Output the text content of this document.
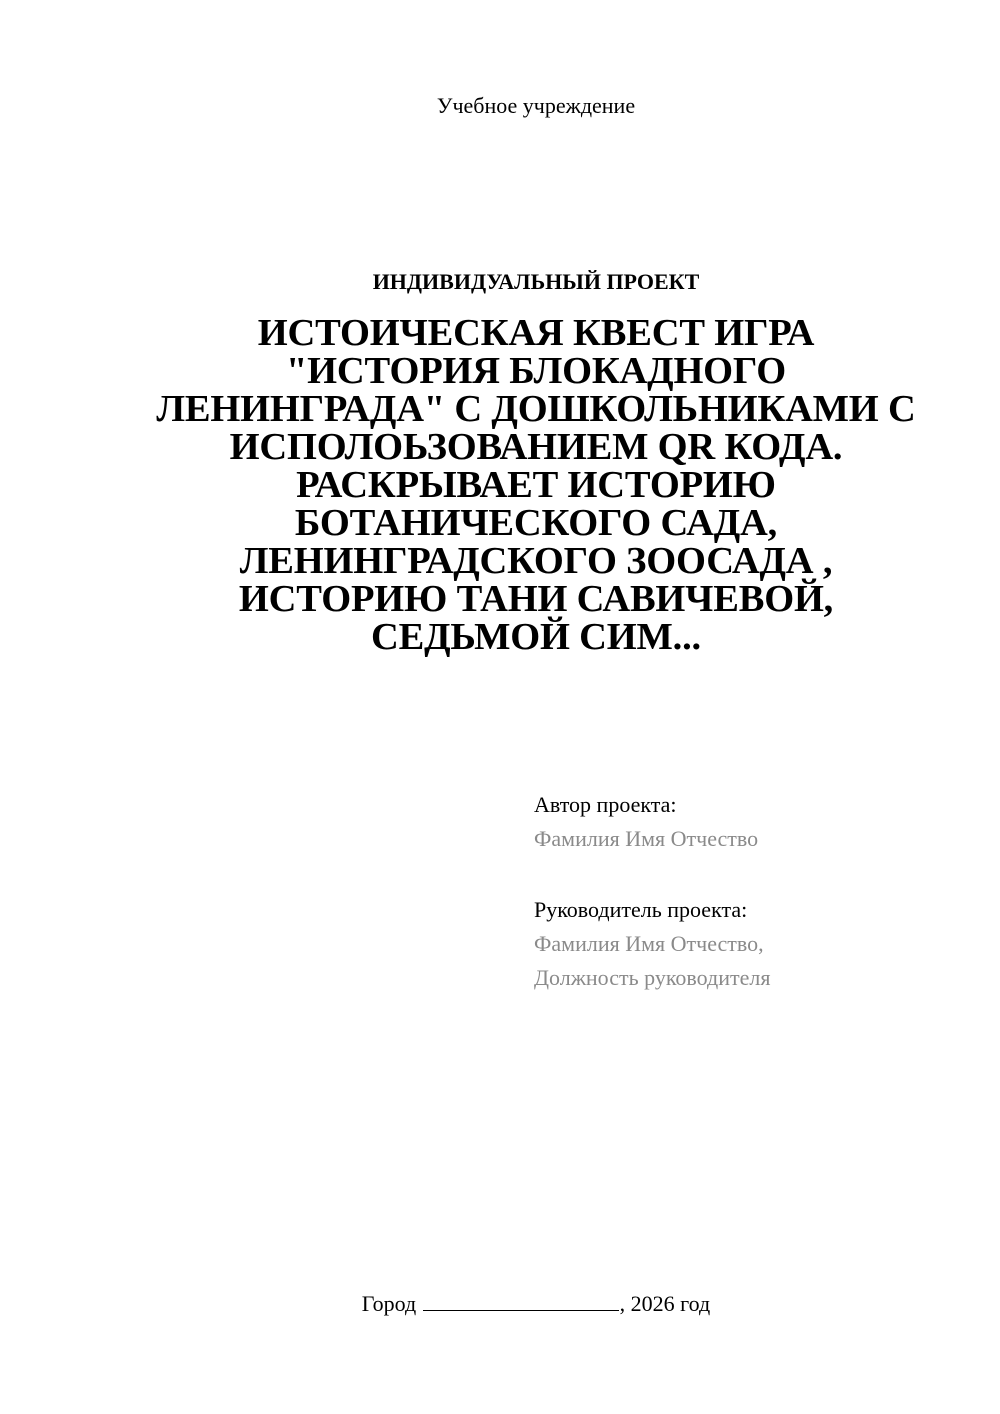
Учебное учреждение
ИНДИВИДУАЛЬНЫЙ ПРОЕКТ
ИСТОИЧЕСКАЯ КВЕСТ ИГРА
"ИСТОРИЯ БЛОКАДНОГО
ЛЕНИНГРАДА" С ДОШКОЛЬНИКАМИ С
ИСПОЛОЬЗОВАНИЕМ QR КОДА.
РАСКРЫВАЕТ ИСТОРИЮ
БОТАНИЧЕСКОГО САДА,
ЛЕНИНГРАДСКОГО ЗООСАДА ,
ИСТОРИЮ ТАНИ САВИЧЕВОЙ,
СЕДЬМОЙ СИМ...
Автор проекта:
Фамилия Имя Отчество
Руководитель проекта:
Фамилия Имя Отчество,
Должность руководителя
Город	, 2026 год
